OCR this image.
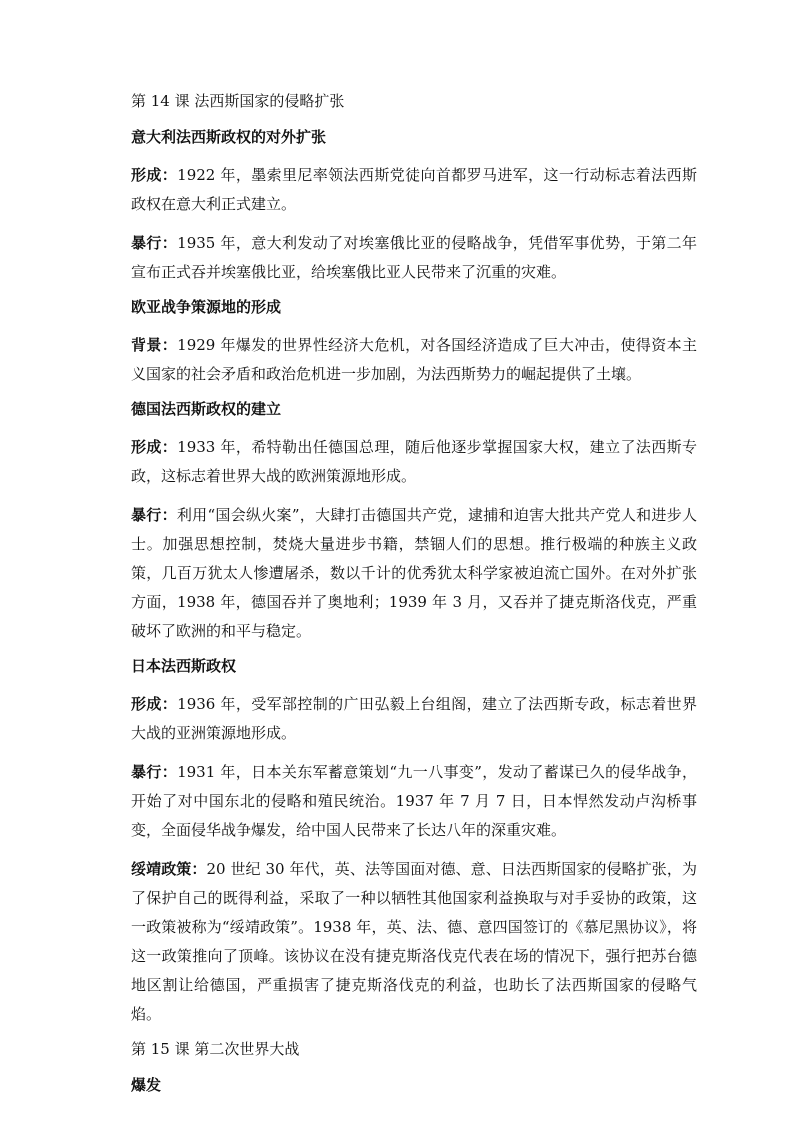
第 14 课 法西斯国家的侵略扩张
意大利法西斯政权的对外扩张

形成：1922 年，墨索里尼率领法西斯党徒向首都罗马进军，这一行动标志着法西斯政权在意大利正式建立。

暴行：1935 年，意大利发动了对埃塞俄比亚的侵略战争，凭借军事优势，于第二年宣布正式吞并埃塞俄比亚，给埃塞俄比亚人民带来了沉重的灾难。

欧亚战争策源地的形成

背景：1929 年爆发的世界性经济大危机，对各国经济造成了巨大冲击，使得资本主义国家的社会矛盾和政治危机进一步加剧，为法西斯势力的崛起提供了土壤。

德国法西斯政权的建立

形成：1933 年，希特勒出任德国总理，随后他逐步掌握国家大权，建立了法西斯专政，这标志着世界大战的欧洲策源地形成。

暴行：利用“国会纵火案”，大肆打击德国共产党，逮捕和迫害大批共产党人和进步人士。加强思想控制，焚烧大量进步书籍，禁锢人们的思想。推行极端的种族主义政策，几百万犹太人惨遭屠杀，数以千计的优秀犹太科学家被迫流亡国外。在对外扩张方面，1938 年，德国吞并了奥地利；1939 年 3 月，又吞并了捷克斯洛伐克，严重破坏了欧洲的和平与稳定。

日本法西斯政权

形成：1936 年，受军部控制的广田弘毅上台组阁，建立了法西斯专政，标志着世界大战的亚洲策源地形成。

暴行：1931 年，日本关东军蓄意策划“九一八事变”，发动了蓄谋已久的侵华战争，开始了对中国东北的侵略和殖民统治。1937 年 7 月 7 日，日本悍然发动卢沟桥事变，全面侵华战争爆发，给中国人民带来了长达八年的深重灾难。

绥靖政策：20 世纪 30 年代，英、法等国面对德、意、日法西斯国家的侵略扩张，为了保护自己的既得利益，采取了一种以牺牲其他国家利益换取与对手妥协的政策，这一政策被称为“绥靖政策”。1938 年，英、法、德、意四国签订的《慕尼黑协议》，将这一政策推向了顶峰。该协议在没有捷克斯洛伐克代表在场的情况下，强行把苏台德地区割让给德国，严重损害了捷克斯洛伐克的利益，也助长了法西斯国家的侵略气焰。

第 15 课 第二次世界大战
爆发
